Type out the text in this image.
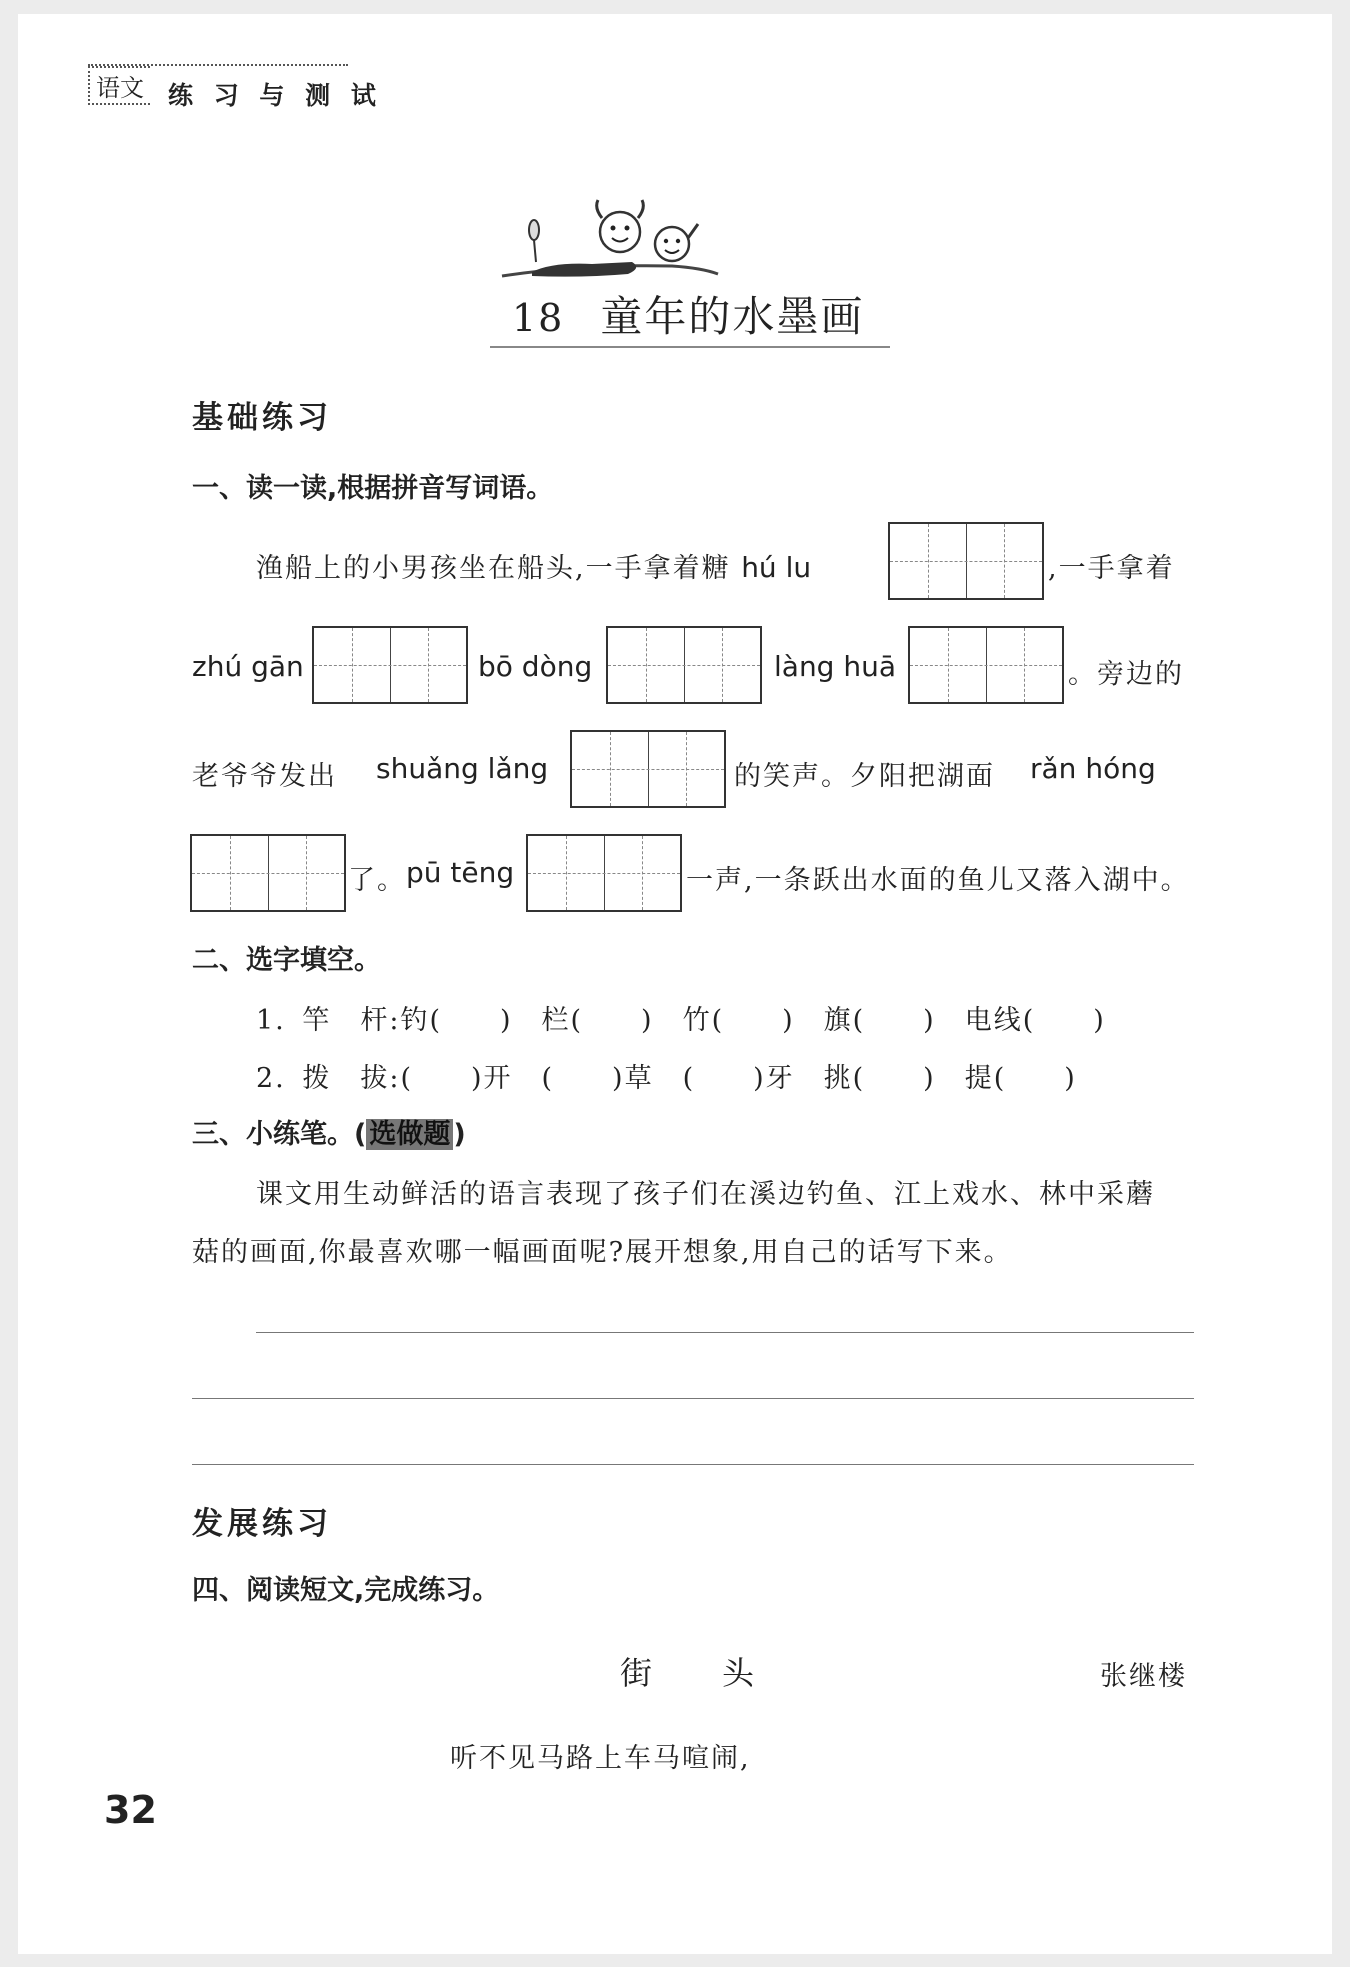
语文 练 习 与 测 试
18 童年的水墨画
基础练习
一、读一读,根据拼音写词语。
渔船上的小男孩坐在船头,一手拿着糖 hú lu	,一手拿着
zhú gān	bō dòng	làng huā	。旁边的
老爷爷发出 shuǎng lǎng	的笑声。夕阳把湖面 rǎn hóng
了。 pū tēng	一声,一条跃出水面的鱼儿又落入湖中。
二、选字填空。
1. 竿　杆:钓(　　)　栏(　　)　竹(　　)　旗(　　)　电线(　　)
2. 拨　拔:(　　)开　(　　)草　(　　)牙　挑(　　)　提(　　)
三、小练笔。( 选做题 )
课文用生动鲜活的语言表现了孩子们在溪边钓鱼、江上戏水、林中采蘑
菇的画面,你最喜欢哪一幅画面呢?展开想象,用自己的话写下来。
发展练习
四、阅读短文,完成练习。
街　　头	张继楼
听不见马路上车马喧闹,
32
